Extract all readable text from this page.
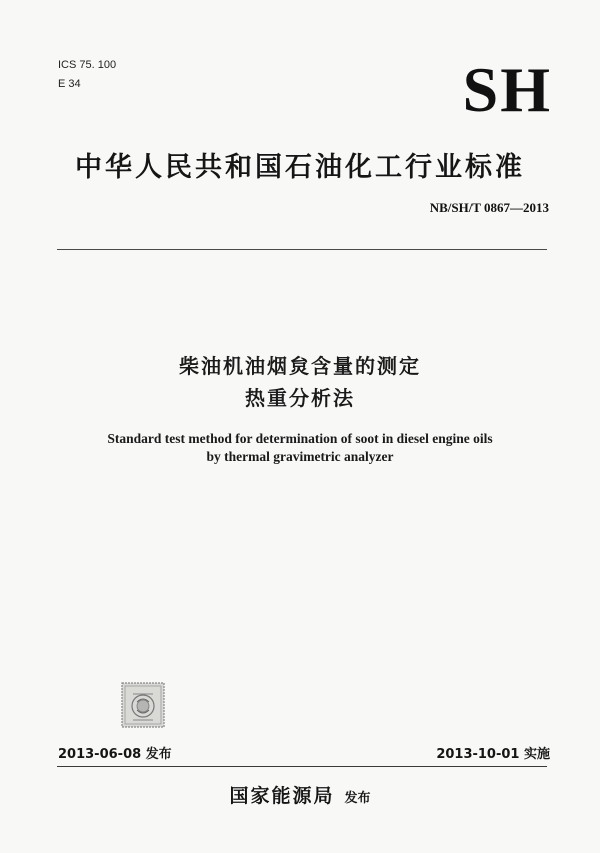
ICS 75. 100
E 34	SH
中华人民共和国石油化工行业标准
NB/SH/T 0867—2013
柴油机油烟炱含量的测定
热重分析法
Standard test method for determination of soot in diesel engine oils
by thermal gravimetric analyzer
2013-06-08 发布	2013-10-01 实施
国家能源局 发布
